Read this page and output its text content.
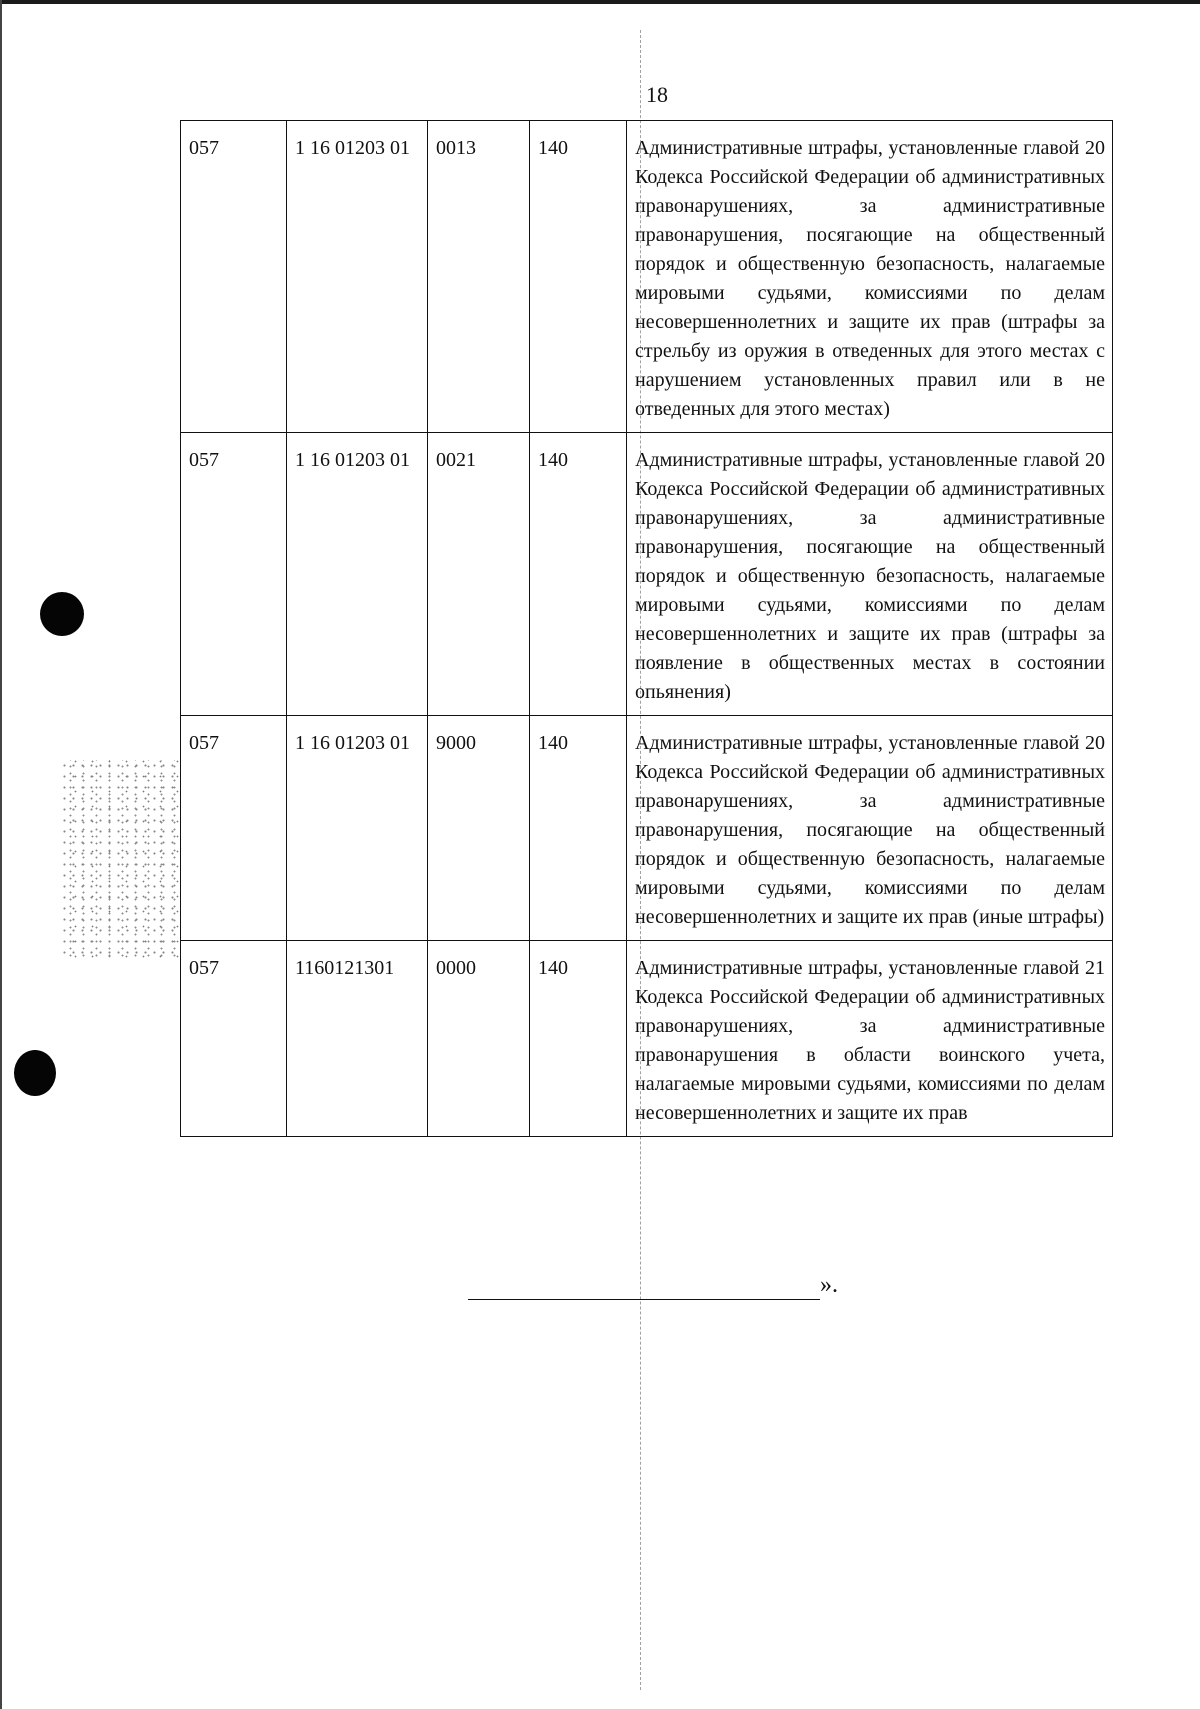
18
057	1 16 01203 01	0013	140	Административные штрафы, установленные главой 20 Кодекса Российской Федерации об административных правонарушениях, за административные правонарушения, посягающие на общественный порядок и общественную безопасность, налагаемые мировыми судьями, комиссиями по делам несовершеннолетних и защите их прав (штрафы за стрельбу из оружия в отведенных для этого местах с нарушением установленных правил или в не отведенных для этого местах)
057	1 16 01203 01	0021	140	Административные штрафы, установленные главой 20 Кодекса Российской Федерации об административных правонарушениях, за административные правонарушения, посягающие на общественный порядок и общественную безопасность, налагаемые мировыми судьями, комиссиями по делам несовершеннолетних и защите их прав (штрафы за появление в общественных местах в состоянии опьянения)
057	1 16 01203 01	9000	140	Административные штрафы, установленные главой 20 Кодекса Российской Федерации об административных правонарушениях, за административные правонарушения, посягающие на общественный порядок и общественную безопасность, налагаемые мировыми судьями, комиссиями по делам несовершеннолетних и защите их прав (иные штрафы)
057	1160121301	0000	140	Административные штрафы, установленные главой 21 Кодекса Российской Федерации об административных правонарушениях, за административные правонарушения в области воинского учета, налагаемые мировыми судьями, комиссиями по делам несовершеннолетних и защите их прав
».
